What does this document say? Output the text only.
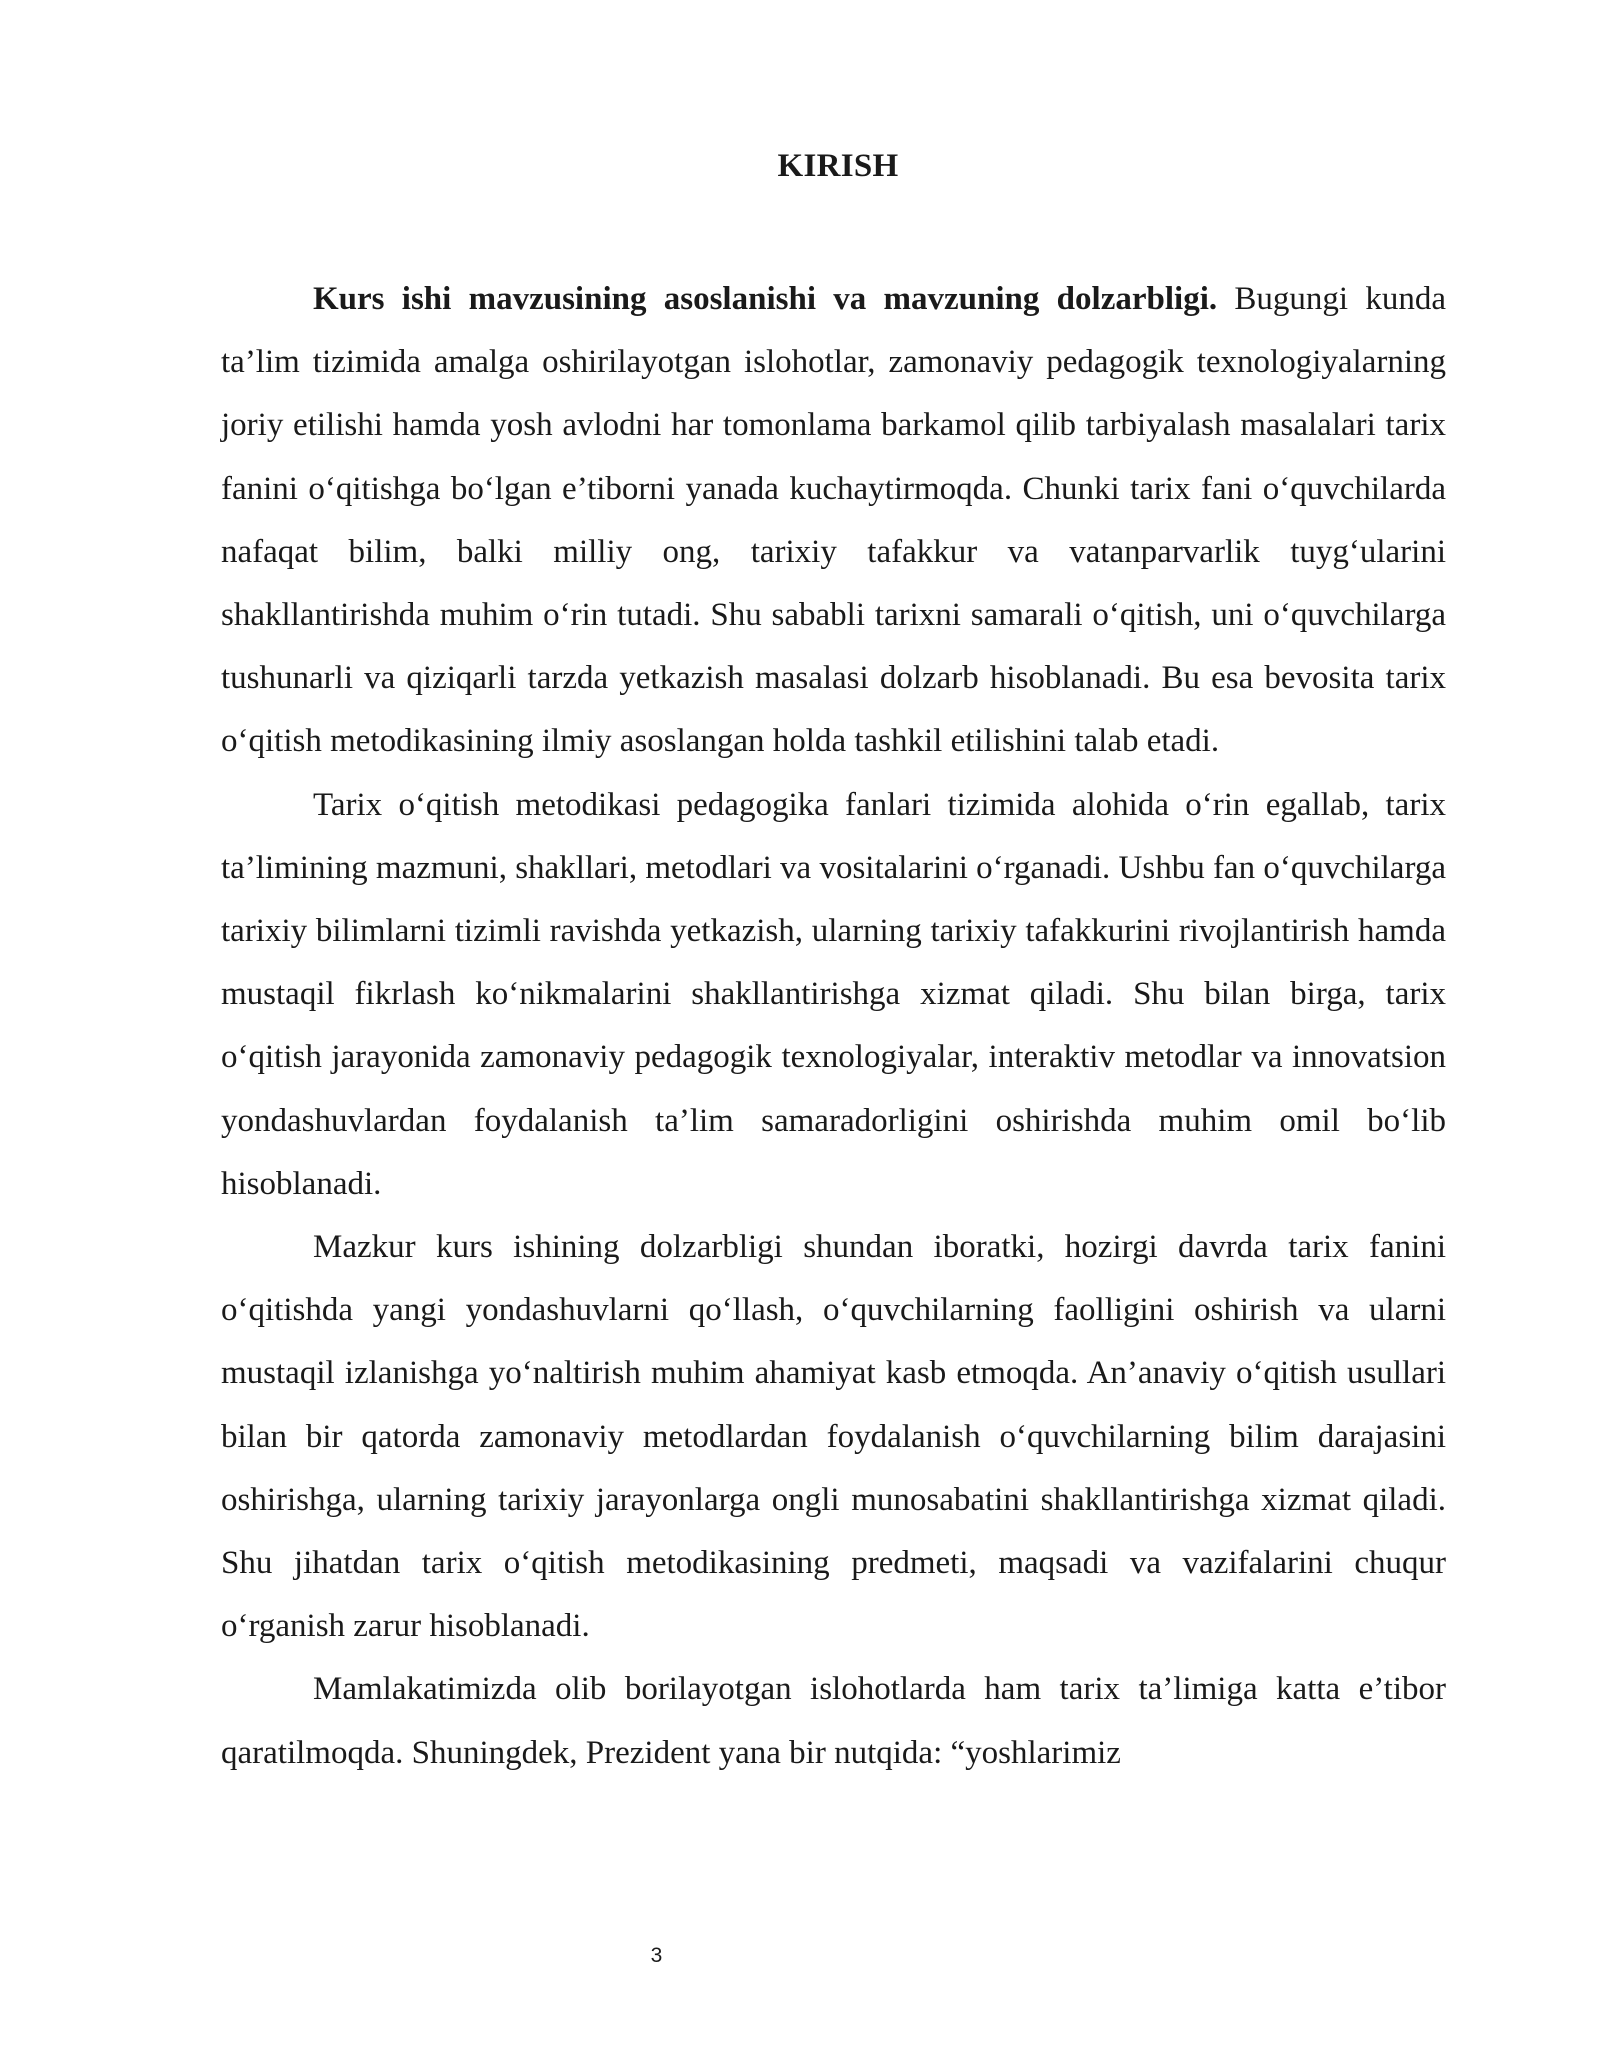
KIRISH

Kurs ishi mavzusining asoslanishi va mavzuning dolzarbligi. Bugungi kunda ta’lim tizimida amalga oshirilayotgan islohotlar, zamonaviy pedagogik texnologiyalarning joriy etilishi hamda yosh avlodni har tomonlama barkamol qilib tarbiyalash masalalari tarix fanini o‘qitishga bo‘lgan e’tiborni yanada kuchaytirmoqda. Chunki tarix fani o‘quvchilarda nafaqat bilim, balki milliy ong, tarixiy tafakkur va vatanparvarlik tuyg‘ularini shakllantirishda muhim o‘rin tutadi. Shu sababli tarixni samarali o‘qitish, uni o‘quvchilarga tushunarli va qiziqarli tarzda yetkazish masalasi dolzarb hisoblanadi. Bu esa bevosita tarix o‘qitish metodikasining ilmiy asoslangan holda tashkil etilishini talab etadi.

Tarix o‘qitish metodikasi pedagogika fanlari tizimida alohida o‘rin egallab, tarix ta’limining mazmuni, shakllari, metodlari va vositalarini o‘rganadi. Ushbu fan o‘quvchilarga tarixiy bilimlarni tizimli ravishda yetkazish, ularning tarixiy tafakkurini rivojlantirish hamda mustaqil fikrlash ko‘nikmalarini shakllantirishga xizmat qiladi. Shu bilan birga, tarix o‘qitish jarayonida zamonaviy pedagogik texnologiyalar, interaktiv metodlar va innovatsion yondashuvlardan foydalanish ta’lim samaradorligini oshirishda muhim omil bo‘lib hisoblanadi.

Mazkur kurs ishining dolzarbligi shundan iboratki, hozirgi davrda tarix fanini o‘qitishda yangi yondashuvlarni qo‘llash, o‘quvchilarning faolligini oshirish va ularni mustaqil izlanishga yo‘naltirish muhim ahamiyat kasb etmoqda. An’anaviy o‘qitish usullari bilan bir qatorda zamonaviy metodlardan foydalanish o‘quvchilarning bilim darajasini oshirishga, ularning tarixiy jarayonlarga ongli munosabatini shakllantirishga xizmat qiladi. Shu jihatdan tarix o‘qitish metodikasining predmeti, maqsadi va vazifalarini chuqur o‘rganish zarur hisoblanadi.

Mamlakatimizda olib borilayotgan islohotlarda ham tarix ta’limiga katta e’tibor qaratilmoqda. Shuningdek, Prezident yana bir nutqida: “yoshlarimiz

3
